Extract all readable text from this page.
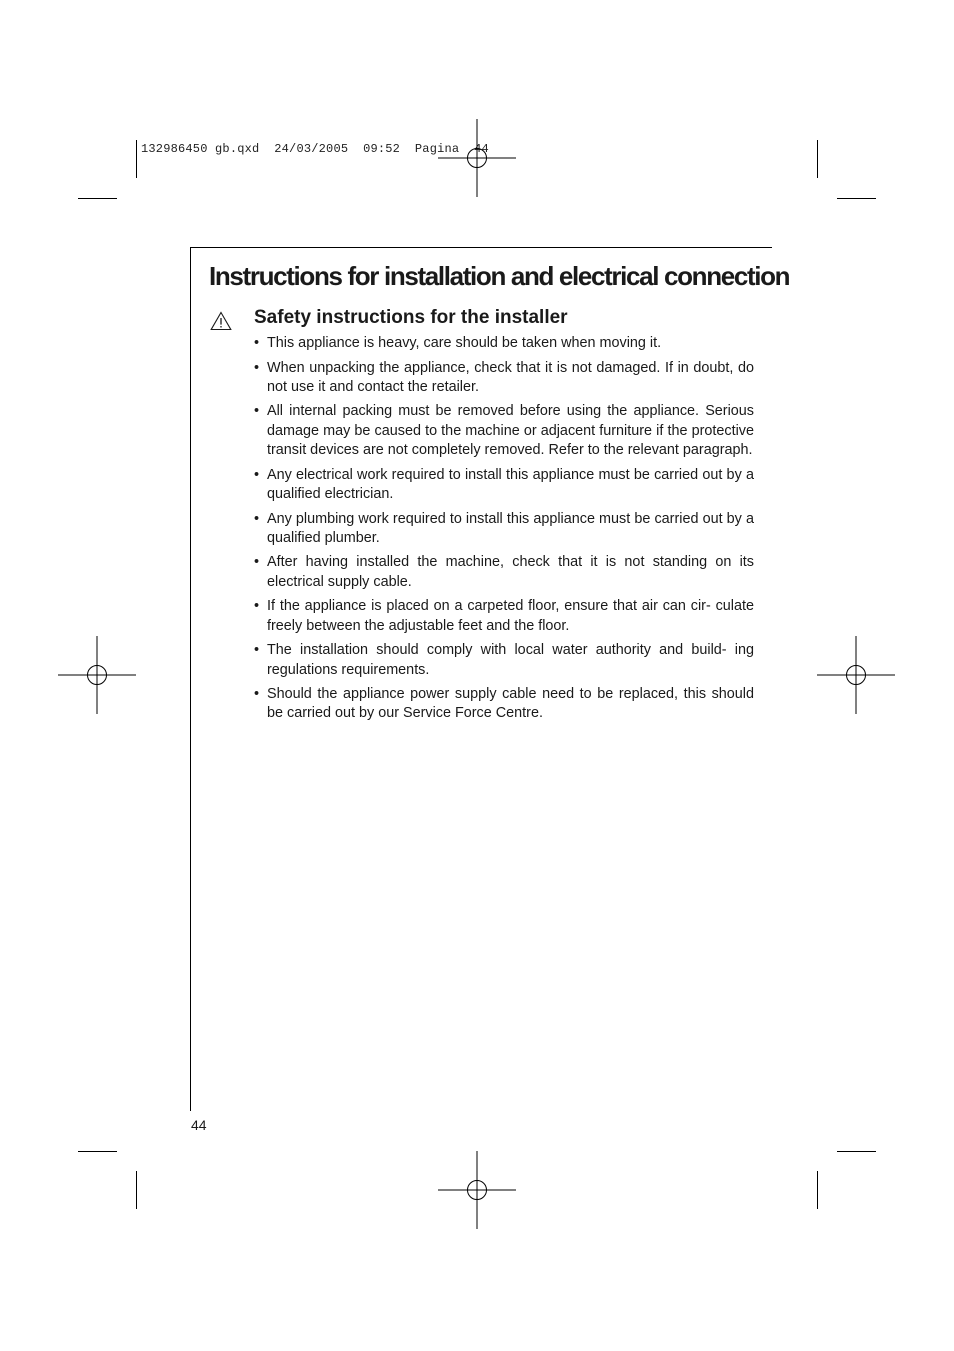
132986450 gb.qxd 24/03/2005 09:52 Pagina 44
Instructions for installation and electrical connection
Safety instructions for the installer
• This appliance is heavy, care should be taken when moving it.
• When unpacking the appliance, check that it is not damaged. If in doubt, do not use it and contact the retailer.
• All internal packing must be removed before using the appliance. Serious damage may be caused to the machine or adjacent furniture if the protective transit devices are not completely removed. Refer to the relevant paragraph.
• Any electrical work required to install this appliance must be carried out by a qualified electrician.
• Any plumbing work required to install this appliance must be carried out by a qualified plumber.
• After having installed the machine, check that it is not standing on its electrical supply cable.
• If the appliance is placed on a carpeted floor, ensure that air can cir- culate freely between the adjustable feet and the floor.
• The installation should comply with local water authority and build- ing regulations requirements.
• Should the appliance power supply cable need to be replaced, this should be carried out by our Service Force Centre.
44
